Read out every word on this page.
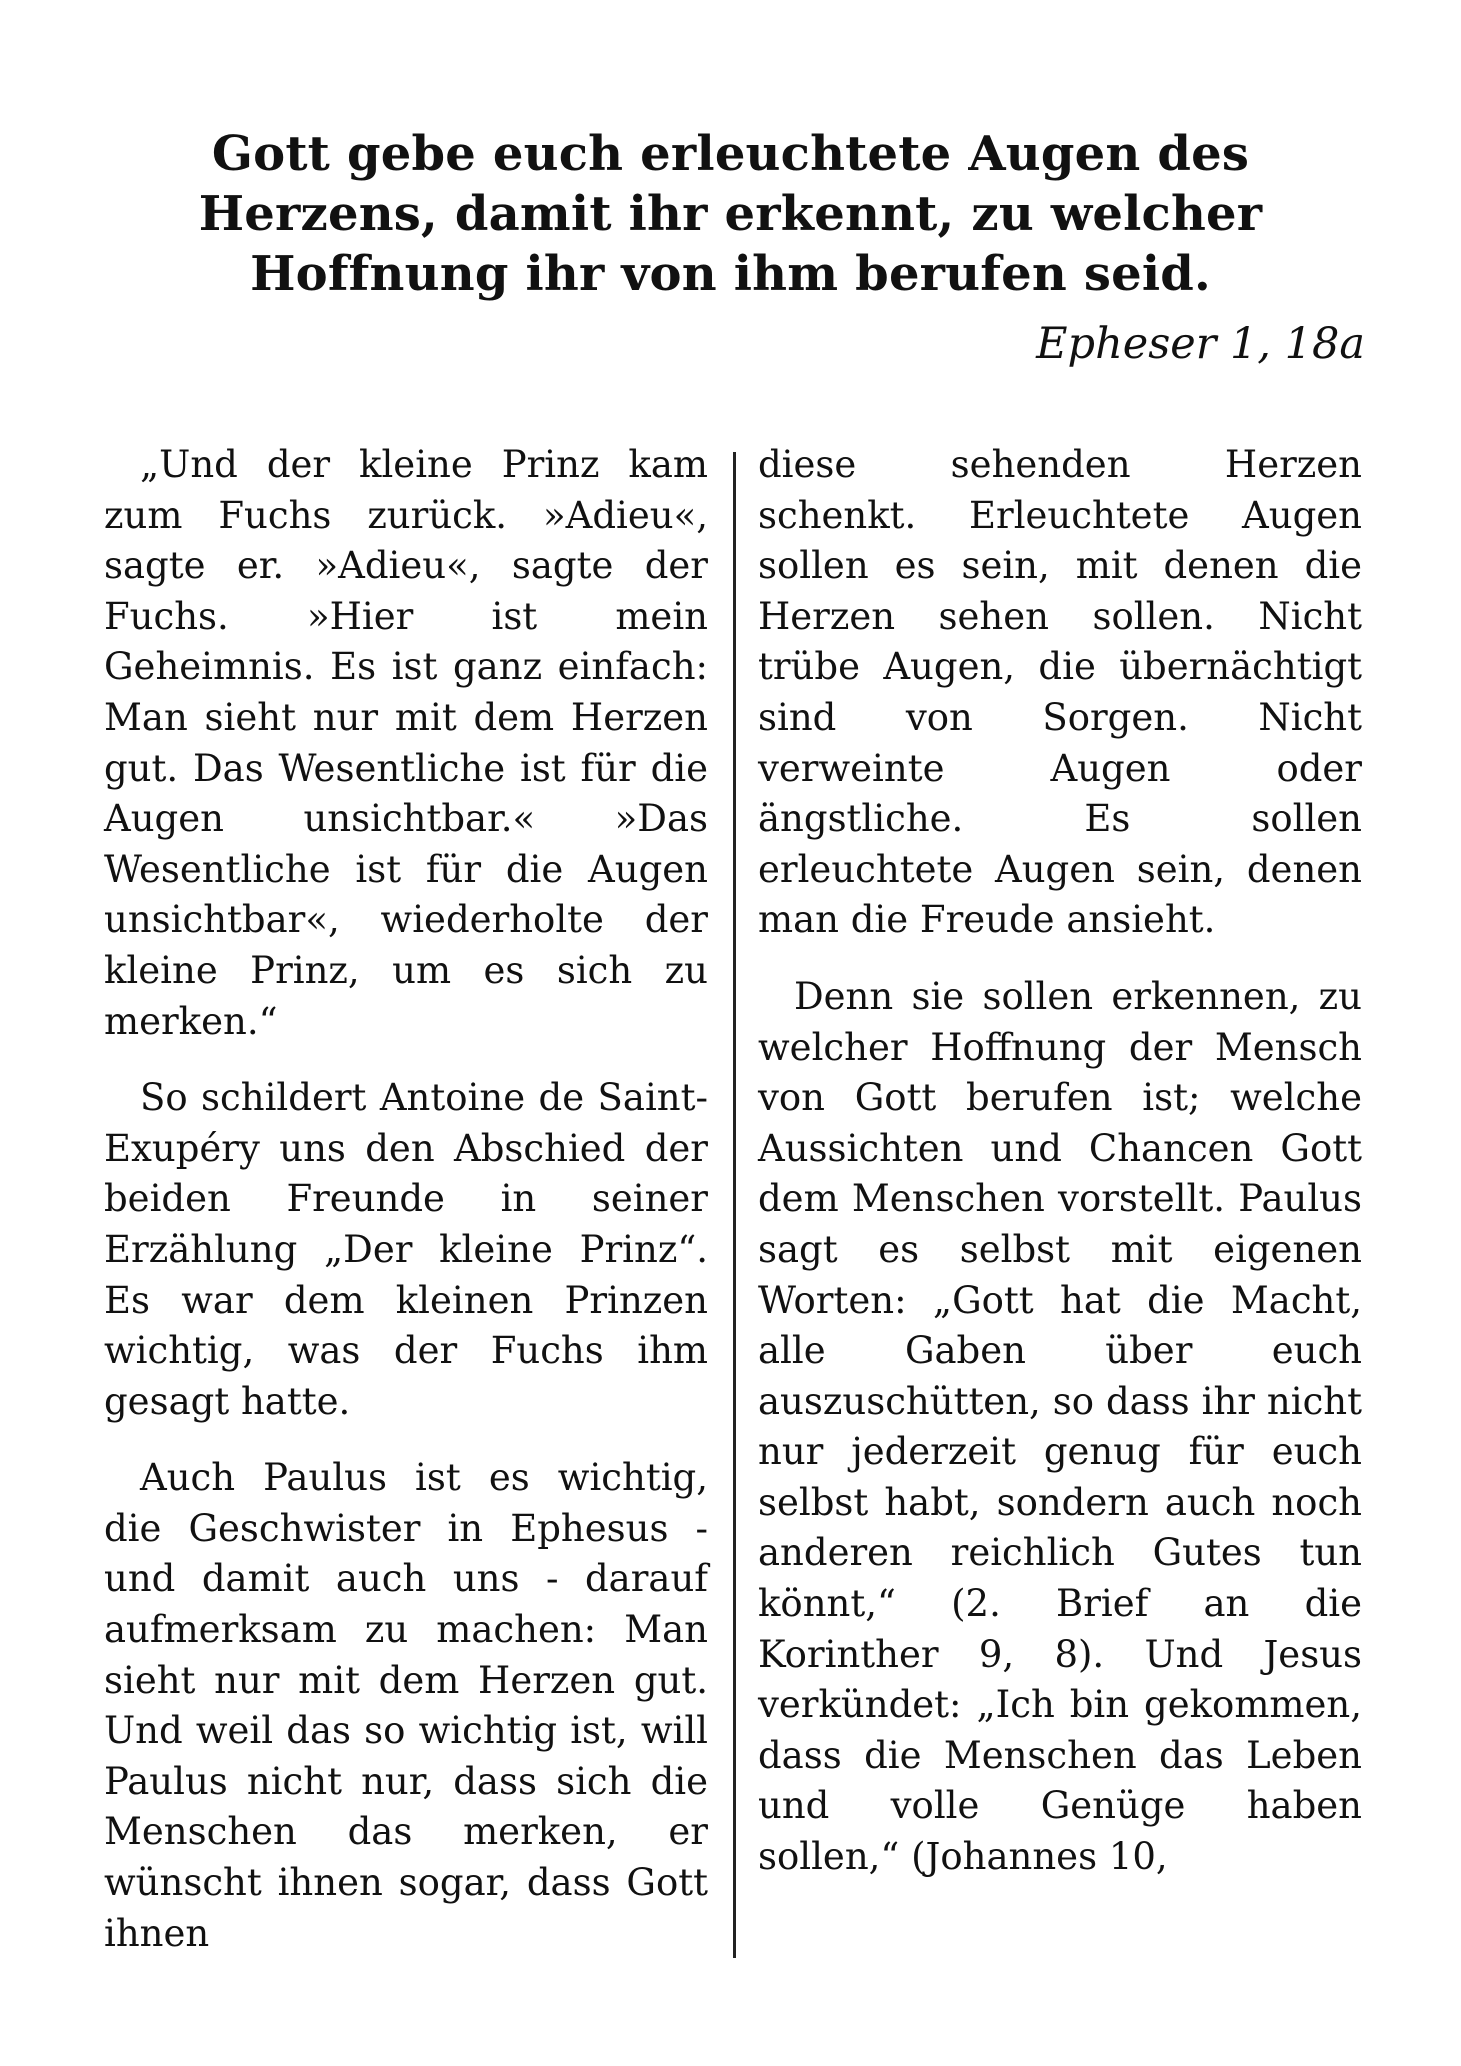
Gott gebe euch erleuchtete Augen des
Herzens, damit ihr erkennt, zu welcher
Hoffnung ihr von ihm berufen seid.
Epheser 1, 18a

„Und der kleine Prinz kam zum Fuchs zurück. »Adieu«, sagte er. »Adieu«, sagte der Fuchs. »Hier ist mein Geheimnis. Es ist ganz einfach: Man sieht nur mit dem Herzen gut. Das Wesentliche ist für die Augen unsichtbar.« »Das Wesentliche ist für die Augen unsichtbar«, wiederholte der kleine Prinz, um es sich zu merken.“

So schildert Antoine de Saint-Exupéry uns den Abschied der beiden Freunde in seiner Erzählung „Der kleine Prinz“. Es war dem kleinen Prinzen wichtig, was der Fuchs ihm gesagt hatte.

Auch Paulus ist es wichtig, die Geschwister in Ephesus - und damit auch uns - darauf aufmerksam zu machen: Man sieht nur mit dem Herzen gut. Und weil das so wichtig ist, will Paulus nicht nur, dass sich die Menschen das merken, er wünscht ihnen sogar, dass Gott ihnen

diese sehenden Herzen schenkt. Erleuchtete Augen sollen es sein, mit denen die Herzen sehen sollen. Nicht trübe Augen, die übernächtigt sind von Sorgen. Nicht verweinte Augen oder ängstliche. Es sollen erleuchtete Augen sein, denen man die Freude ansieht.

Denn sie sollen erkennen, zu welcher Hoffnung der Mensch von Gott berufen ist; welche Aussichten und Chancen Gott dem Menschen vorstellt. Paulus sagt es selbst mit eigenen Worten: „Gott hat die Macht, alle Gaben über euch auszuschütten, so dass ihr nicht nur jederzeit genug für euch selbst habt, sondern auch noch anderen reichlich Gutes tun könnt,“ (2. Brief an die Korinther 9, 8). Und Jesus verkündet: „Ich bin gekommen, dass die Menschen das Leben und volle Genüge haben sollen,“ (Johannes 10,
